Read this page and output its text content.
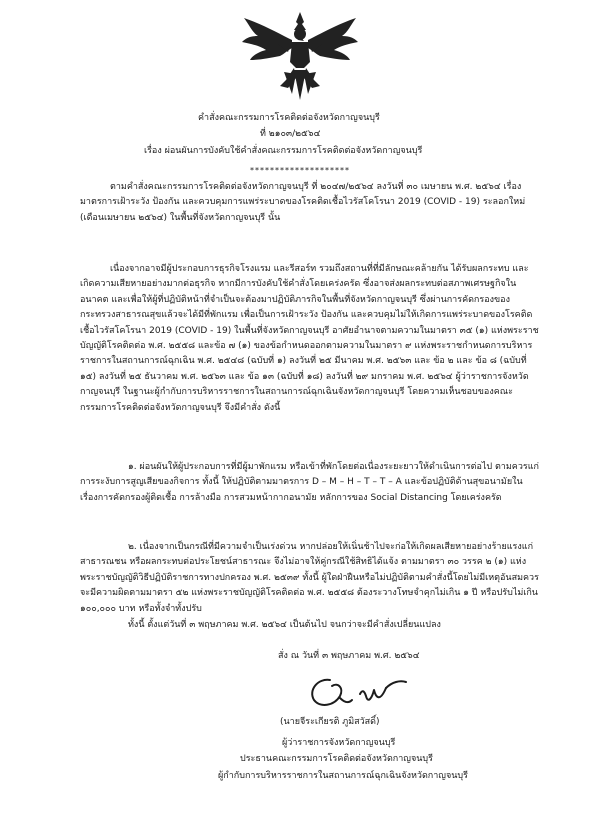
คำสั่งคณะกรรมการโรคติดต่อจังหวัดกาญจนบุรี
ที่ ๒๑๐๓/๒๕๖๔
เรื่อง ผ่อนผันการบังคับใช้คำสั่งคณะกรรมการโรคติดต่อจังหวัดกาญจนบุรี
********************

ตามคำสั่งคณะกรรมการโรคติดต่อจังหวัดกาญจนบุรี ที่ ๒๐๔๗/๒๕๖๔ ลงวันที่ ๓๐ เมษายน พ.ศ. ๒๕๖๔ เรื่อง มาตรการเฝ้าระวัง ป้องกัน และควบคุมการแพร่ระบาดของโรคติดเชื้อไวรัสโคโรนา 2019 (COVID - 19) ระลอกใหม่ (เดือนเมษายน ๒๕๖๔) ในพื้นที่จังหวัดกาญจนบุรี นั้น

เนื่องจากอาจมีผู้ประกอบการธุรกิจโรงแรม และรีสอร์ท รวมถึงสถานที่ที่มีลักษณะคล้ายกัน ได้รับผลกระทบ และเกิดความเสียหายอย่างมากต่อธุรกิจ หากมีการบังคับใช้คำสั่งโดยเคร่งครัด ซึ่งอาจส่งผลกระทบต่อสภาพเศรษฐกิจในอนาคต และเพื่อให้ผู้ที่ปฏิบัติหน้าที่จำเป็นจะต้องมาปฏิบัติภารกิจในพื้นที่จังหวัดกาญจนบุรี ซึ่งผ่านการคัดกรองของกระทรวงสาธารณสุขแล้วจะได้มีที่พักแรม เพื่อเป็นการเฝ้าระวัง ป้องกัน และควบคุมไม่ให้เกิดการแพร่ระบาดของโรคติดเชื้อไวรัสโคโรนา 2019 (COVID - 19) ในพื้นที่จังหวัดกาญจนบุรี อาศัยอำนาจตามความในมาตรา ๓๕ (๑) แห่งพระราชบัญญัติโรคติดต่อ พ.ศ. ๒๕๕๘ และข้อ ๗ (๑) ของข้อกำหนดออกตามความในมาตรา ๙ แห่งพระราชกำหนดการบริหารราชการในสถานการณ์ฉุกเฉิน พ.ศ. ๒๕๔๘ (ฉบับที่ ๑) ลงวันที่ ๒๕ มีนาคม พ.ศ. ๒๕๖๓ และ ข้อ ๒ และ ข้อ ๘ (ฉบับที่ ๑๕) ลงวันที่ ๒๕ ธันวาคม พ.ศ. ๒๕๖๓ และ ข้อ ๑๓ (ฉบับที่ ๑๘) ลงวันที่ ๒๙ มกราคม พ.ศ. ๒๕๖๔ ผู้ว่าราชการจังหวัดกาญจนบุรี ในฐานะผู้กำกับการบริหารราชการในสถานการณ์ฉุกเฉินจังหวัดกาญจนบุรี โดยความเห็นชอบของคณะกรรมการโรคติดต่อจังหวัดกาญจนบุรี จึงมีคำสั่ง ดังนี้

๑. ผ่อนผันให้ผู้ประกอบการที่มีผู้มาพักแรม หรือเข้าที่พักโดยต่อเนื่องระยะยาวให้ดำเนินการต่อไป ตามควรแก่การระงับการสูญเสียของกิจการ ทั้งนี้ ให้ปฏิบัติตามมาตรการ D – M – H – T – T – A และข้อปฏิบัติด้านสุขอนามัยในเรื่องการคัดกรองผู้ติดเชื้อ การล้างมือ การสวมหน้ากากอนามัย หลักการของ Social Distancing โดยเคร่งครัด

๒. เนื่องจากเป็นกรณีที่มีความจำเป็นเร่งด่วน หากปล่อยให้เนิ่นช้าไปจะก่อให้เกิดผลเสียหายอย่างร้ายแรงแก่สาธารณชน หรือผลกระทบต่อประโยชน์สาธารณะ จึงไม่อาจให้คู่กรณีใช้สิทธิได้แจ้ง ตามมาตรา ๓๐ วรรค ๒ (๑) แห่งพระราชบัญญัติวิธีปฏิบัติราชการทางปกครอง พ.ศ. ๒๕๓๙ ทั้งนี้ ผู้ใดฝ่าฝืนหรือไม่ปฏิบัติตามคำสั่งนี้โดยไม่มีเหตุอันสมควรจะมีความผิดตามมาตรา ๕๒ แห่งพระราชบัญญัติโรคติดต่อ พ.ศ. ๒๕๕๘ ต้องระวางโทษจำคุกไม่เกิน ๑ ปี หรือปรับไม่เกิน ๑๐๐,๐๐๐ บาท หรือทั้งจำทั้งปรับ

ทั้งนี้ ตั้งแต่วันที่ ๓ พฤษภาคม พ.ศ. ๒๕๖๔ เป็นต้นไป จนกว่าจะมีคำสั่งเปลี่ยนแปลง

สั่ง ณ วันที่ ๓ พฤษภาคม พ.ศ. ๒๕๖๔
(นายจีระเกียรติ ภูมิสวัสดิ์)
ผู้ว่าราชการจังหวัดกาญจนบุรี
ประธานคณะกรรมการโรคติดต่อจังหวัดกาญจนบุรี
ผู้กำกับการบริหารราชการในสถานการณ์ฉุกเฉินจังหวัดกาญจนบุรี
